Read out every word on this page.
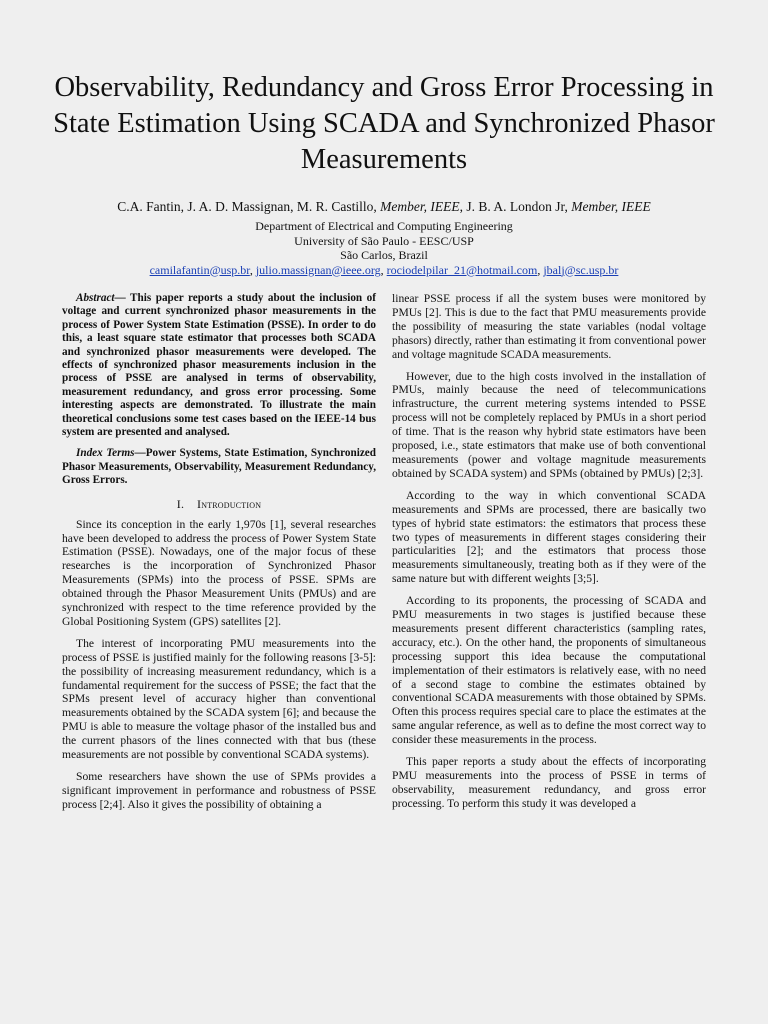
Observability, Redundancy and Gross Error Processing in State Estimation Using SCADA and Synchronized Phasor Measurements
C.A. Fantin, J. A. D. Massignan, M. R. Castillo, Member, IEEE, J. B. A. London Jr, Member, IEEE
Department of Electrical and Computing Engineering
University of São Paulo - EESC/USP
São Carlos, Brazil
camilafantin@usp.br, julio.massignan@ieee.org, rociodelpilar_21@hotmail.com, jbalj@sc.usp.br

Abstract— This paper reports a study about the inclusion of voltage and current synchronized phasor measurements in the process of Power System State Estimation (PSSE). In order to do this, a least square state estimator that processes both SCADA and synchronized phasor measurements were developed. The effects of synchronized phasor measurements inclusion in the process of PSSE are analysed in terms of observability, measurement redundancy, and gross error processing. Some interesting aspects are demonstrated. To illustrate the main theoretical conclusions some test cases based on the IEEE-14 bus system are presented and analysed.

Index Terms—Power Systems, State Estimation, Synchronized Phasor Measurements, Observability, Measurement Redundancy, Gross Errors.

I. Introduction

Since its conception in the early 1,970s [1], several researches have been developed to address the process of Power System State Estimation (PSSE). Nowadays, one of the major focus of these researches is the incorporation of Synchronized Phasor Measurements (SPMs) into the process of PSSE. SPMs are obtained through the Phasor Measurement Units (PMUs) and are synchronized with respect to the time reference provided by the Global Positioning System (GPS) satellites [2].

The interest of incorporating PMU measurements into the process of PSSE is justified mainly for the following reasons [3-5]: the possibility of increasing measurement redundancy, which is a fundamental requirement for the success of PSSE; the fact that the SPMs present level of accuracy higher than conventional measurements obtained by the SCADA system [6]; and because the PMU is able to measure the voltage phasor of the installed bus and the current phasors of the lines connected with that bus (these measurements are not possible by conventional SCADA systems).

Some researchers have shown the use of SPMs provides a significant improvement in performance and robustness of PSSE process [2;4]. Also it gives the possibility of obtaining a

linear PSSE process if all the system buses were monitored by PMUs [2]. This is due to the fact that PMU measurements provide the possibility of measuring the state variables (nodal voltage phasors) directly, rather than estimating it from conventional power and voltage magnitude SCADA measurements.

However, due to the high costs involved in the installation of PMUs, mainly because the need of telecommunications infrastructure, the current metering systems intended to PSSE process will not be completely replaced by PMUs in a short period of time. That is the reason why hybrid state estimators have been proposed, i.e., state estimators that make use of both conventional measurements (power and voltage magnitude measurements obtained by SCADA system) and SPMs (obtained by PMUs) [2;3].

According to the way in which conventional SCADA measurements and SPMs are processed, there are basically two types of hybrid state estimators: the estimators that process these two types of measurements in different stages considering their particularities [2]; and the estimators that process those measurements simultaneously, treating both as if they were of the same nature but with different weights [3;5].

According to its proponents, the processing of SCADA and PMU measurements in two stages is justified because these measurements present different characteristics (sampling rates, accuracy, etc.). On the other hand, the proponents of simultaneous processing support this idea because the computational implementation of their estimators is relatively ease, with no need of a second stage to combine the estimates obtained by conventional SCADA measurements with those obtained by SPMs. Often this process requires special care to place the estimates at the same angular reference, as well as to define the most correct way to consider these measurements in the process.

This paper reports a study about the effects of incorporating PMU measurements into the process of PSSE in terms of observability, measurement redundancy, and gross error processing. To perform this study it was developed a
